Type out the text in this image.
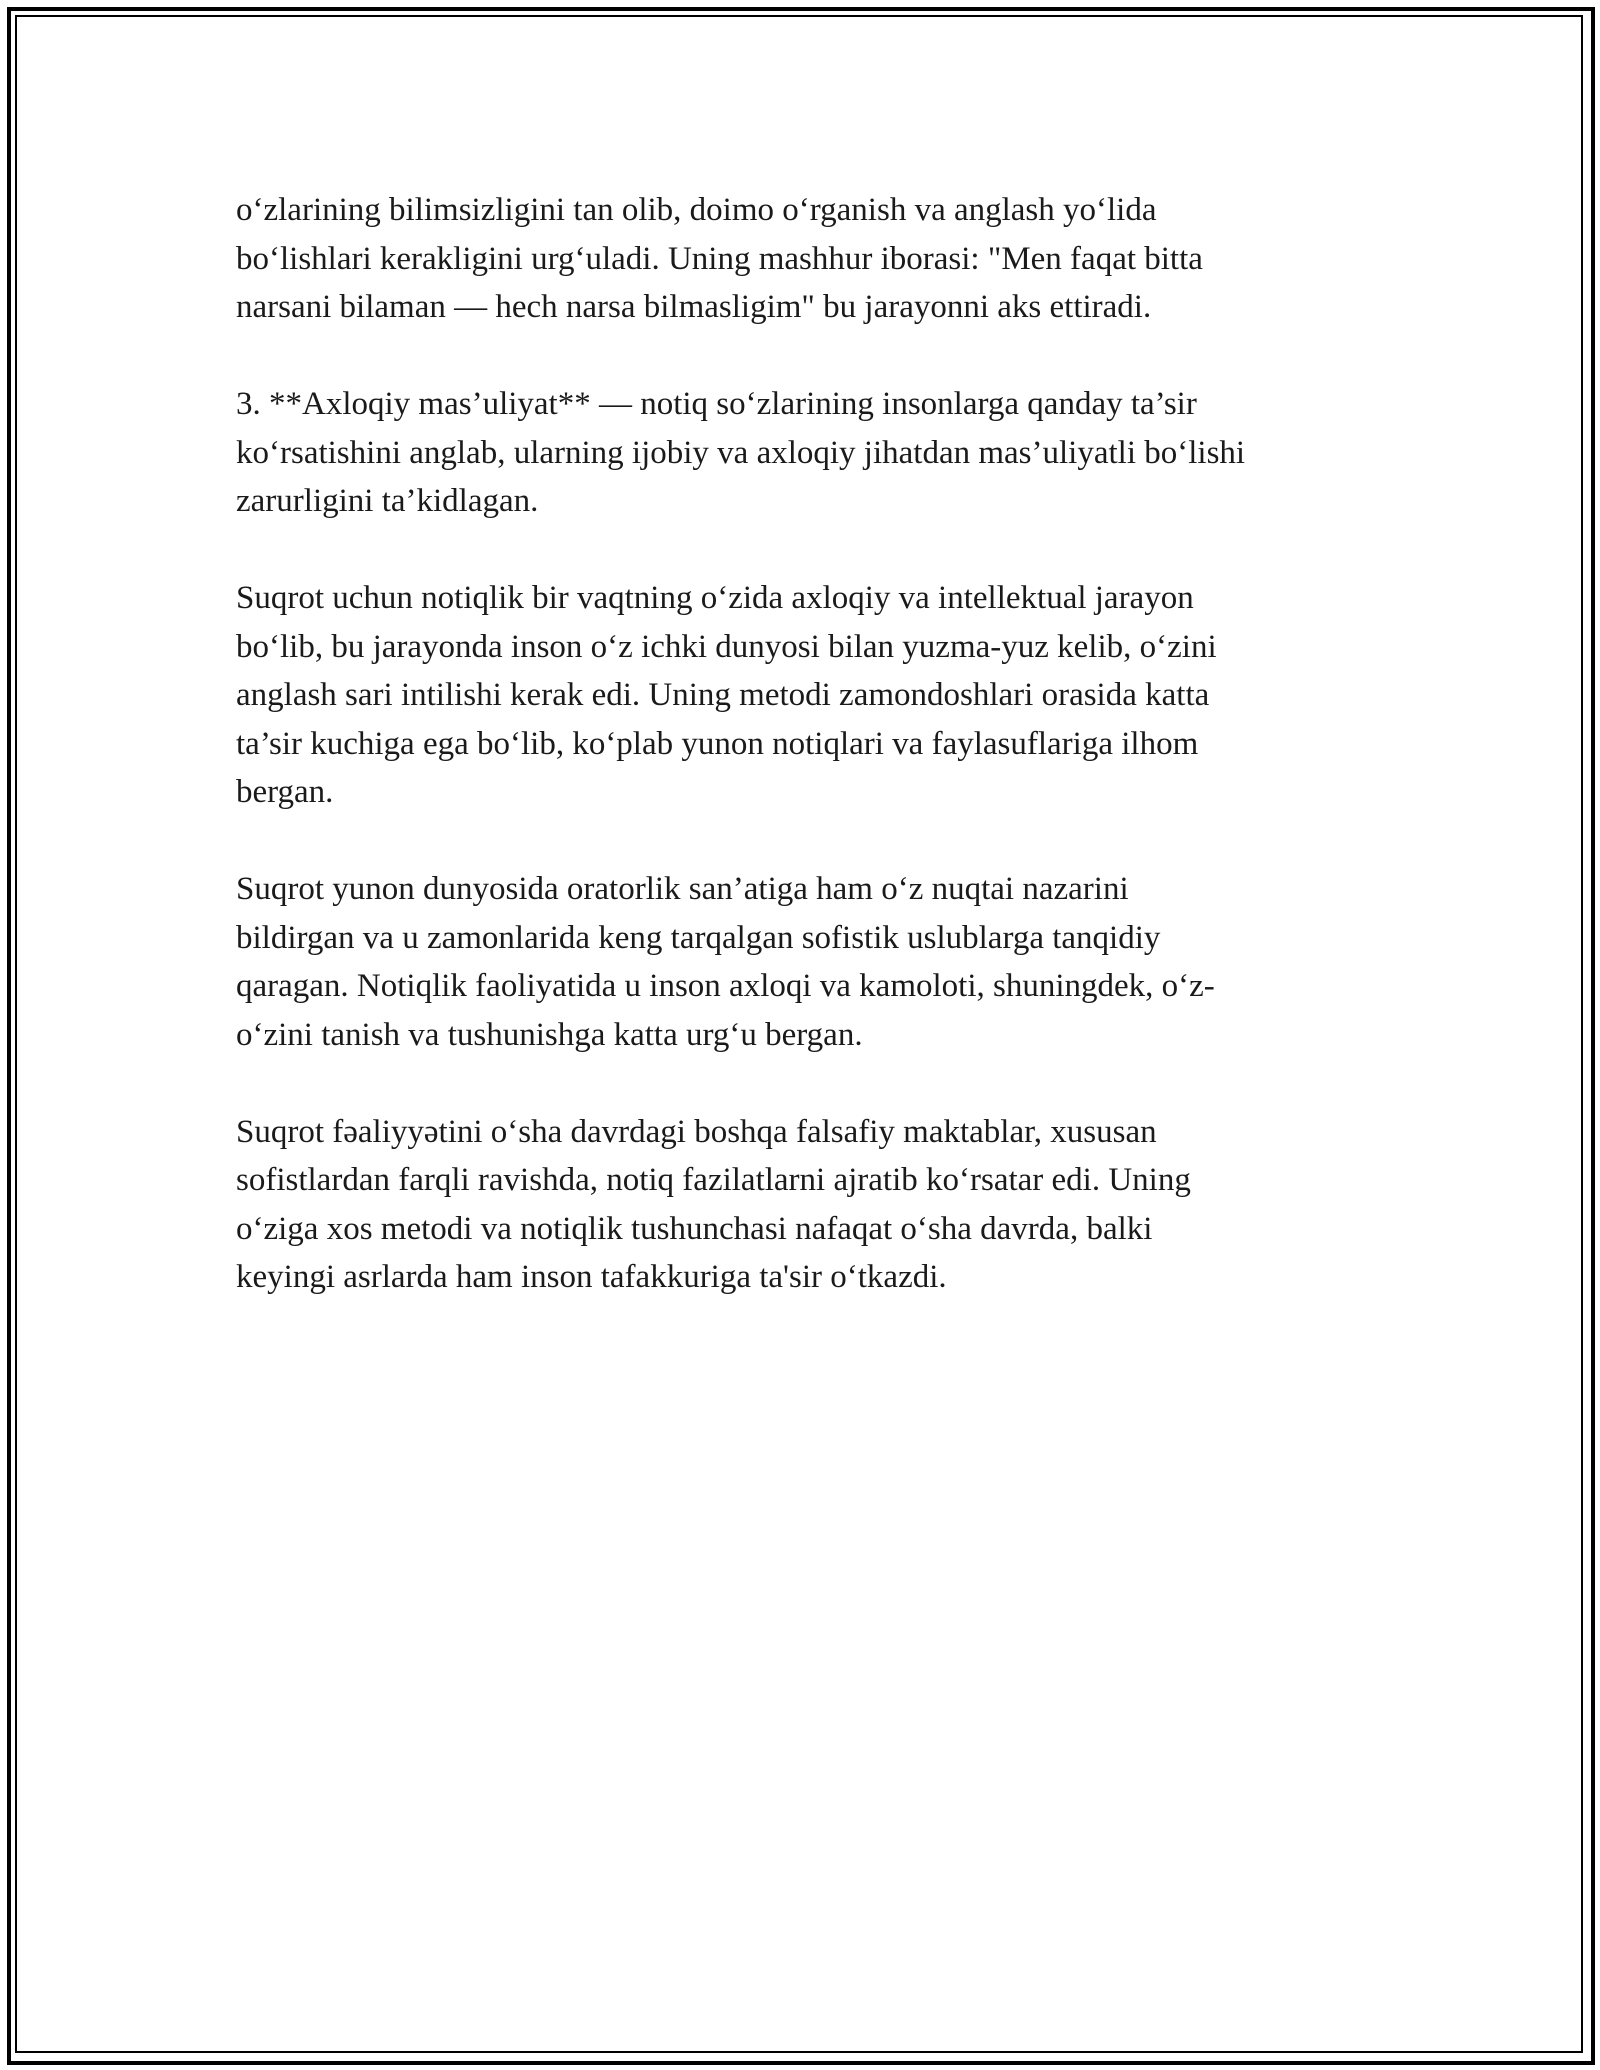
o‘zlarining bilimsizligini tan olib, doimo o‘rganish va anglash yo‘lida
bo‘lishlari kerakligini urg‘uladi. Uning mashhur iborasi: "Men faqat bitta
narsani bilaman — hech narsa bilmasligim" bu jarayonni aks ettiradi.

3. **Axloqiy mas’uliyat** — notiq so‘zlarining insonlarga qanday ta’sir
ko‘rsatishini anglab, ularning ijobiy va axloqiy jihatdan mas’uliyatli bo‘lishi
zarurligini ta’kidlagan.

Suqrot uchun notiqlik bir vaqtning o‘zida axloqiy va intellektual jarayon
bo‘lib, bu jarayonda inson o‘z ichki dunyosi bilan yuzma-yuz kelib, o‘zini
anglash sari intilishi kerak edi. Uning metodi zamondoshlari orasida katta
ta’sir kuchiga ega bo‘lib, ko‘plab yunon notiqlari va faylasuflariga ilhom
bergan.

Suqrot yunon dunyosida oratorlik san’atiga ham o‘z nuqtai nazarini
bildirgan va u zamonlarida keng tarqalgan sofistik uslublarga tanqidiy
qaragan. Notiqlik faoliyatida u inson axloqi va kamoloti, shuningdek, o‘z-
o‘zini tanish va tushunishga katta urg‘u bergan.

Suqrot fəaliyyətini o‘sha davrdagi boshqa falsafiy maktablar, xususan
sofistlardan farqli ravishda, notiq fazilatlarni ajratib ko‘rsatar edi. Uning
o‘ziga xos metodi va notiqlik tushunchasi nafaqat o‘sha davrda, balki
keyingi asrlarda ham inson tafakkuriga ta'sir o‘tkazdi.
